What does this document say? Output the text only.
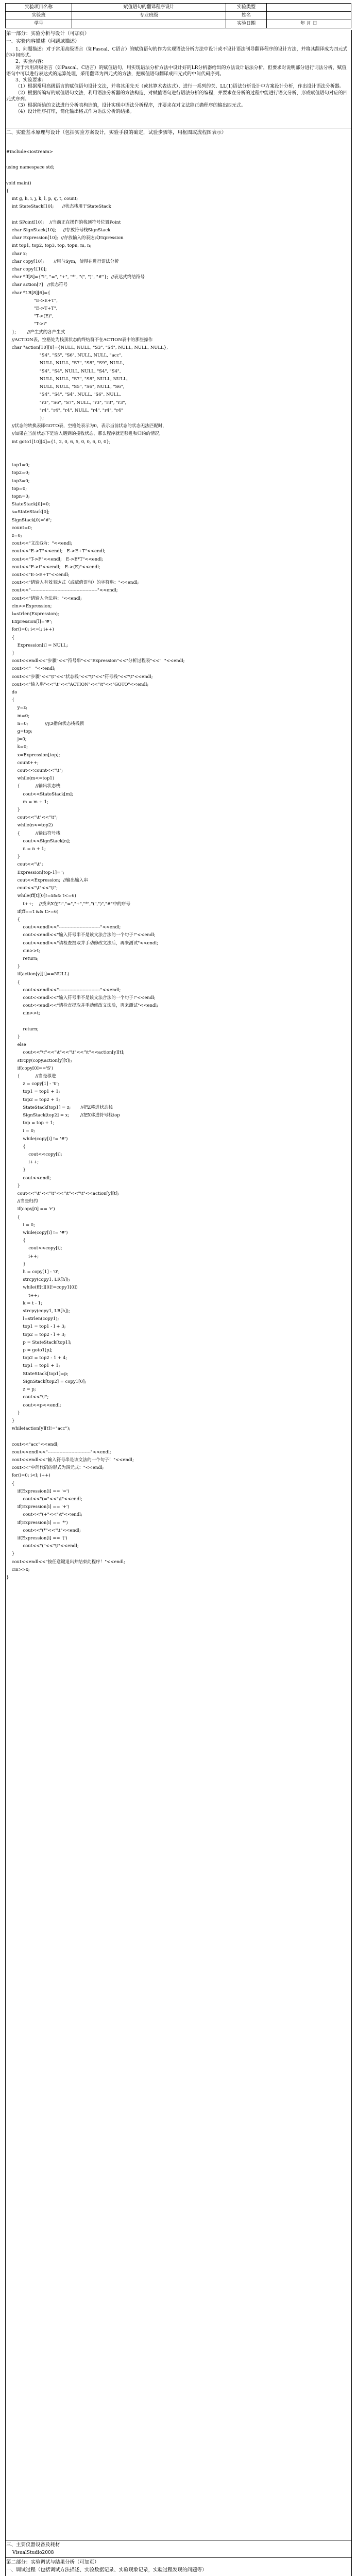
实验项目名称	赋值语句的翻译程序设计	实验类型	
实验班	专业班级	姓名	
学号		实验日期	年 月 日
第一部分：实验分析与设计（可加页）
一、实验内容描述（问题域描述）

1、问题描述：对于常用高级语言（如Pascal、C语言）的赋值语句的作为实现语法分析方法中设计或不设计语法制导翻译程序的设计方法，并将其翻译成为四元式的中间形式。

2、实验内容：

对于常用高级语言（如Pascal、C语言）的赋值语句，用实现语法分析方法中设计好的LR分析器给出的方法设计语法分析，但要求对说明部分进行词法分析，赋值语句中可以进行表达式的运算处理，采用翻译为四元式的方法，把赋值语句翻译成四元式的中间代码序列。

3、实验要求：

（1）根据常用高级语言的赋值语句设计文法，并将其用先天（或其算术表达式）、进行一系列的关、LL(1)语法分析设计中方案设计分析，作出设计语法分析器。

（2）根据所编写的赋值语句文法，利用语法分析器的方法构造，对赋值语句进行语法分析的编程，并要求在分析的过程中能进行语义分析，形成赋值语句对应的四元式序列。

（3）根据所给的文法进行分析表构造的，设计实现中语法分析程序，并要求在对文法能正确程序的输出四元式。

（4）设计程序打印，简化输出格式作为语法分析的结果。

二、实验基本原理与设计（包括实验方案设计，实验手段的确定，试验步骤等，用框图或流程图表示）
#include<iostream>

using namespace std;

void main()
{
int g, h, i, j, k, l, p, q, t, count;
int StateStack[10];      //状态栈用于StateStack

int SPoint[10];    //当前正在操作的栈顶符号位置Point
char SignStack[10];     //存放符号栈SignStack
char Expression[10];  //存放输入的表达式Expression
int top1, top2, top3, top, topn, m, n;
char x;
char copy[10];       //用与Sym，使得在进行语法分析
char copy1[10];
char *ff[8]={"i", "=", "+", "*", "(", ")", "#"};  //表达式终结符号
char action[7]   //状态符号
char *LR[8][6]={
"E->E+T",
"E->T+T",
"T->(E)",
"T->i"
};        //产生式的各产生式
//ACTION表，空格处为栈顶状态的终结符不在ACTION表中的那些操作
char *action[10][8]={NULL, NULL, "S3", "S4", NULL, NULL, NULL},
"S4", "S5", "S6", NULL, NULL, "acc",
NULL, NULL, "S7", "S8", "S9", NULL,
"S4", "S4", NULL, NULL, "S4", "S4",
NULL, NULL, "S7", "S8", NULL, NULL,
NULL, NULL, "S5", "S6", NULL, "S6",
"S4", "S4", "S4", NULL, "S6", NULL,
"r3", "S6", "S7", NULL, "r3", "r3", "r3",
"r4", "r4", "r4", NULL, "r4", "r4", "r4"
};
//状态的转换表即GOTO表，空格处表示为0，表示当前状态的状态无法匹配时，
//如果在当前状态下是输入遇到的接收状态，那么程序就是移进和归约的情况，
int goto1[10][4]={1, 2, 0, 6, 5, 0, 0, 6, 0, 0};

top1=0;
top2=0;
top3=0;
top=0;
topn=0;
StateStack[0]=0;
s=StateStack[0];
SignStack[0]='#';
count=0;
z=0;
cout<<"文法G为："<<endl;
cout<<"E->T"<<endl;   E->E+T"<<endl;
cout<<"T->F"<<endl;   E->E*T"<<endl;
cout<<"F->i"<<endl;   E->(E)"<<endl;
cout<<"E->E+T"<<endl;
cout<<"请输入有效表达式（或赋值语句）的字符串："<<endl;
cout<<"---------------------------------------------"<<endl;
cout<<"请输入合法串："<<endl;
cin>>Expression;
l=strlen(Expression);
Expression[l]='#';
for(i=0; i<=l; i++)
{
Expression[i] = NULL;
}
cout<<endl<<"步骤"<<"符号串"<<"Expression"<<"分析过程表"<<"  "<<endl;
cout<<"   "<<endl;
cout<<"步骤"<<"\t"<<"状态栈"<<"\t"<<"符号栈"<<"\t"<<endl;
cout<<"输入串"<<"\t"<<"ACTION"<<"\t"<<"GOTO"<<endl;
do
{
y=z;
m=0;
n=0;            //y,z指向状态栈栈顶
g=top;
j=0;
k=0;
x=Expression[top];
count++;
cout<<count<<"\t";
while(m<=top1)
{           //输出状态栈
cout<<StateStack[m];
m = m + 1;
}
cout<<"\t"<<"\t";
while(n<=top2)
{           //输出符号栈
cout<<SignStack[n];
n = n + 1;
}
cout<<"\t";
Expression[top-1]='';
cout<<Expression;  //输出输入串
cout<<"\t"<<"\t";
while(ff[t][0]!=x&& t<=6)
t++;    //找出X在"i","=","+","*","(",")","#"中的序号
if(ff==t && t>=6)
{
cout<<endl<<"----------------------------"<<endl;
cout<<endl<<"输入符号串不是该文法合法的一个句子!"<<endl;
cout<<endl<<"请检查提取并手动修改文法后，再来测试"<<endl;
cin>>t;
return;
}
if(action[y][t]==NULL)
{
cout<<endl<<"----------------------------"<<endl;
cout<<endl<<"输入符号串不是该文法合法的一个句子!"<<endl;
cout<<endl<<"请检查提取并手动修改文法后，再来测试"<<endl;
cin>>t;

return;
}
else
cout<<"\t"<<"\t"<<"\t"<<"\t"<<action[y][t];
strcpy(copy,action[y][t]);
if(copy[0]=='S')
{           //当是移进
z = copy[1] - '0';
top1 = top1 + 1;
top2 = top2 + 1;
StateStack[top1] = z;       //把Z移进状态栈
SignStack[top2] = x;        //把X移进符号栈top
top = top + 1;
i = 0;
while(copy[i] != '#')
{
cout<<copy[i];
i++;
}
cout<<endl;
}
cout<<"\t"<<"\t"<<"\t"<<"\t"<<action[y][t];
//当是归约
if(copy[0] == 'r')
{
i = 0;
while(copy[i] != '#')
{
cout<<copy[i];
i++;
}
h = copy[1] - '0';
strcpy(copy1, LR[h]);
while(ff[t][0]!=copy1[0])
t++;
k = t - 1;
strcpy(copy1, LR[h]);
l=strlen(copy1);
top1 = top1 - l + 3;
top2 = top2 - l + 3;
p = StateStack[top1];
p = goto1[p];
top2 = top2 - 1 + 4;
top1 = top1 + 1;
StateStack[top1]=p;
SignStack[top2] = copy1[0];
z = p;
cout<<"\t";
cout<<p<<endl;
}
}
while(action[y][t]!="acc");

cout<<"acc"<<endl;
cout<<endl<<"-----------------------------"<<endl;
cout<<endl<<"输入符号串是该文法的一个句子！"<<endl;
cout<<"中间代码的形式为四元式："<<endl;
for(i=0; i<l; i++)
{
if(Expression[i] == '=')
cout<<"(="<<"\t"<<endl;
if(Expression[i] == '+')
cout<<"(+"<<"\t"<<endl;
if(Expression[i] == '*')
cout<<"(*"<<"\t"<<endl;
if(Expression[i] == '(')
cout<<"("<<"\t"<<endl;
}
cout<<endl<<"按任意键退出并结束此程序！"<<endl;
cin>>x;
}
三、主要仪器设备及耗材
VisualStudio2008
第二部分：实验调试与结果分析（可加页）
一、调试过程（包括调试方法描述、实验数据记录、实验现象记录，实验过程发现的问题等）
